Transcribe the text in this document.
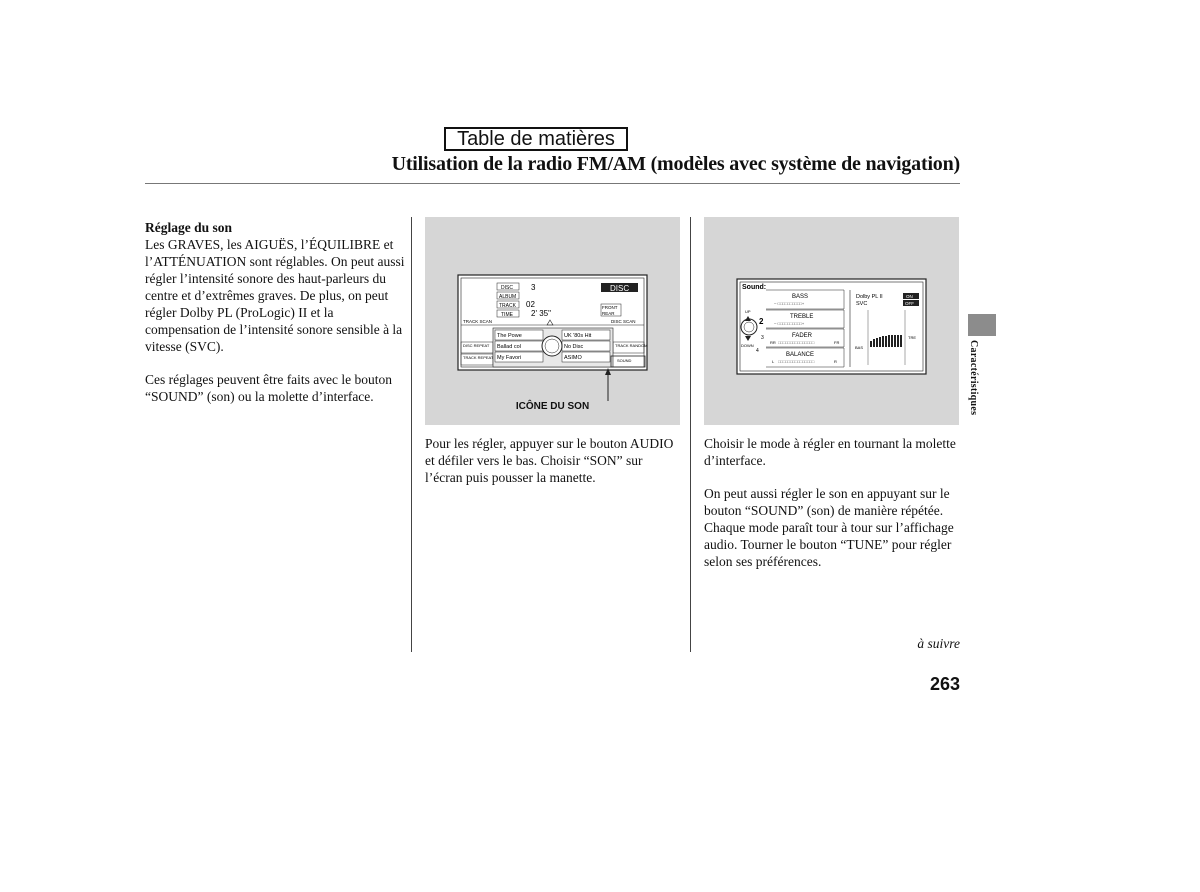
Table de matières
Utilisation de la radio FM/AM (modèles avec système de navigation)
Réglage du son

Les GRAVES, les AIGUËS, l’ÉQUILIBRE et l’ATTÉNUATION sont réglables. On peut aussi régler l’intensité sonore des haut-parleurs du centre et d’extrêmes graves. De plus, on peut régler Dolby PL (ProLogic) II et la compensation de l’intensité sonore sensible à la vitesse (SVC).

Ces réglages peuvent être faits avec le bouton “SOUND” (son) ou la molette d’interface.

DISC
ALBUM
TRACK
TIME
3
02
2' 35"
DISC
FRONT
REAR
TRACK SCAN	DISC SCAN
DISC REPEAT
TRACK REPEAT
TRACK RANDOM
SOUND
The Powe
Ballad col
My Favori
UK '80s Hit
No Disc
ASIMO
ICÔNE DU SON

Pour les régler, appuyer sur le bouton AUDIO et défiler vers le bas. Choisir “SON” sur l’écran puis pousser la manette.

Sound:
UP
DOWN
2
3
4
BASS
−·□□□□□□□□□□+
TREBLE
−·□□□□□□□□□□+
FADER
RR □□□□□□□□□□□□□□□	FR
BALANCE
L □□□□□□□□□□□□□□□	R
Dolby PL II	ON
SVC	OFF
BAS
TRE

Choisir le mode à régler en tournant la molette d’interface.

On peut aussi régler le son en appuyant sur le bouton “SOUND” (son) de manière répétée. Chaque mode paraît tour à tour sur l’affichage audio. Tourner le bouton “TUNE” pour régler selon ses préférences.

Caractéristiques
à suivre
263
